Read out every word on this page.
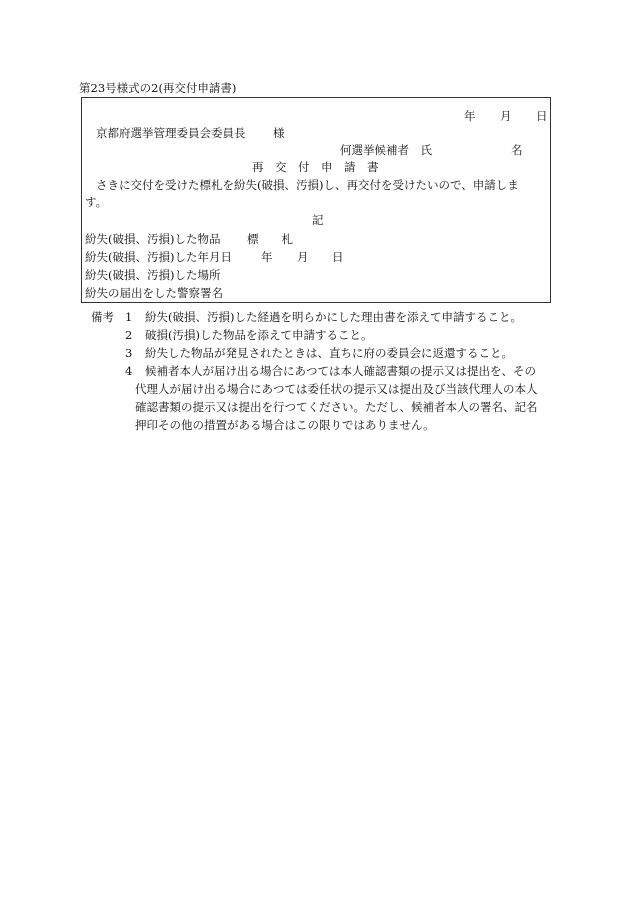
第23号様式の2(再交付申請書)
年 月 日
京都府選挙管理委員会委員長 様
何選挙候補者　氏	名
再　交　付　申　請　書
さきに交付を受けた標札を紛失(破損、汚損)し、再交付を受けたいので、申請しま
す。
記
紛失(破損、汚損)した物品 標　　札
紛失(破損、汚損)した年月日	年 月 日
紛失(破損、汚損)した場所
紛失の届出をした警察署名
備考 1 紛失(破損、汚損)した経過を明らかにした理由書を添えて申請すること。
2 破損(汚損)した物品を添えて申請すること。
3 紛失した物品が発見されたときは、直ちに府の委員会に返還すること。
4 候補者本人が届け出る場合にあつては本人確認書類の提示又は提出を、その
代理人が届け出る場合にあつては委任状の提示又は提出及び当該代理人の本人
確認書類の提示又は提出を行つてください。ただし、候補者本人の署名、記名
押印その他の措置がある場合はこの限りではありません。
